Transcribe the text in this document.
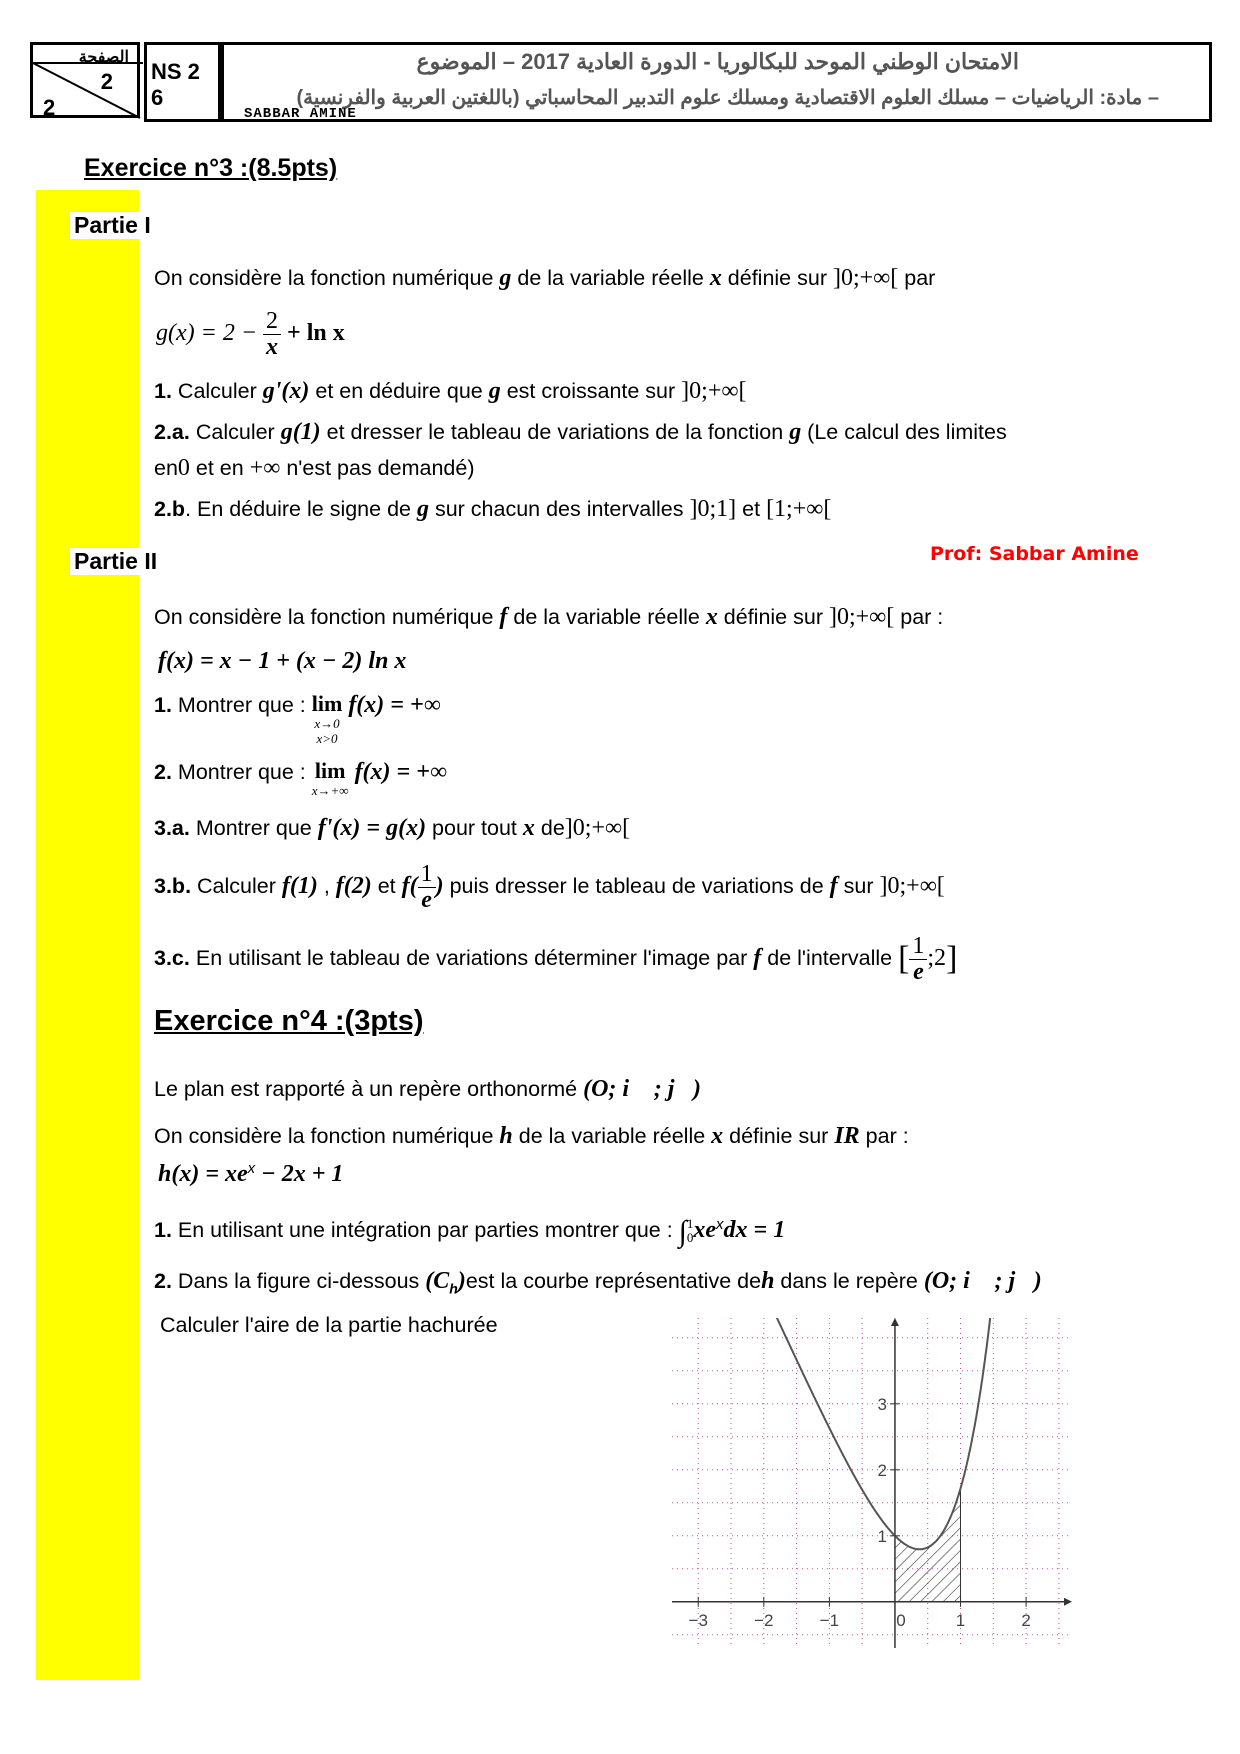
الصفحة
2
2
NS 2 6
الامتحان الوطني الموحد للبكالوريا - الدورة العادية 2017 – الموضوع
– مادة: الرياضيات – مسلك العلوم الاقتصادية ومسلك علوم التدبير المحاسباتي (باللغتين العربية والفرنسية)
SABBAR AMINE
Exercice n°3 :(8.5pts)
Partie I
On considère la fonction numérique g de la variable réelle x définie sur ]0;+∞[ par
$g(x) = 2 - \frac{2}{x} + \ln x$
1. Calculer g'(x) et en déduire que g est croissante sur ]0;+∞[
2.a. Calculer g(1) et dresser le tableau de variations de la fonction g (Le calcul des limites
en0 et en +∞ n'est pas demandé)
2.b. En déduire le signe de g sur chacun des intervalles ]0;1] et [1;+∞[
Partie II	Prof: Sabbar Amine
On considère la fonction numérique f de la variable réelle x définie sur ]0;+∞[ par :
f(x) = x − 1 + (x − 2) ln x
1. Montrer que : lim
x→0
x>0
f(x) = +∞
2. Montrer que : lim
x→+∞
f(x) = +∞
3.a. Montrer que f'(x) = g(x) pour tout x de]0;+∞[
3.b. Calculer f(1) , f(2) et $f( \frac{1}{e}$ ) puis dresser le tableau de variations de f sur ]0;+∞[
3.c. En utilisant le tableau de variations déterminer l'image par f de l'intervalle [ $\frac{1}{e}$ ;2]
Exercice n°4 :(3pts)
Le plan est rapporté à un repère orthonormé (O; i⃗ ; j⃗)
On considère la fonction numérique h de la variable réelle x définie sur IR par :
$h(x) = xe^x - 2x + 1$
1. En utilisant une intégration par parties montrer que : ∫ 1
0 $xe^xdx = 1$
2. Dans la figure ci-dessous $(C_h)est$ la courbe représentative deh dans le repère (O; i⃗ ; j⃗)
Calculer l'aire de la partie hachurée
−3	−2	−1	0	1	2
1
2
3
